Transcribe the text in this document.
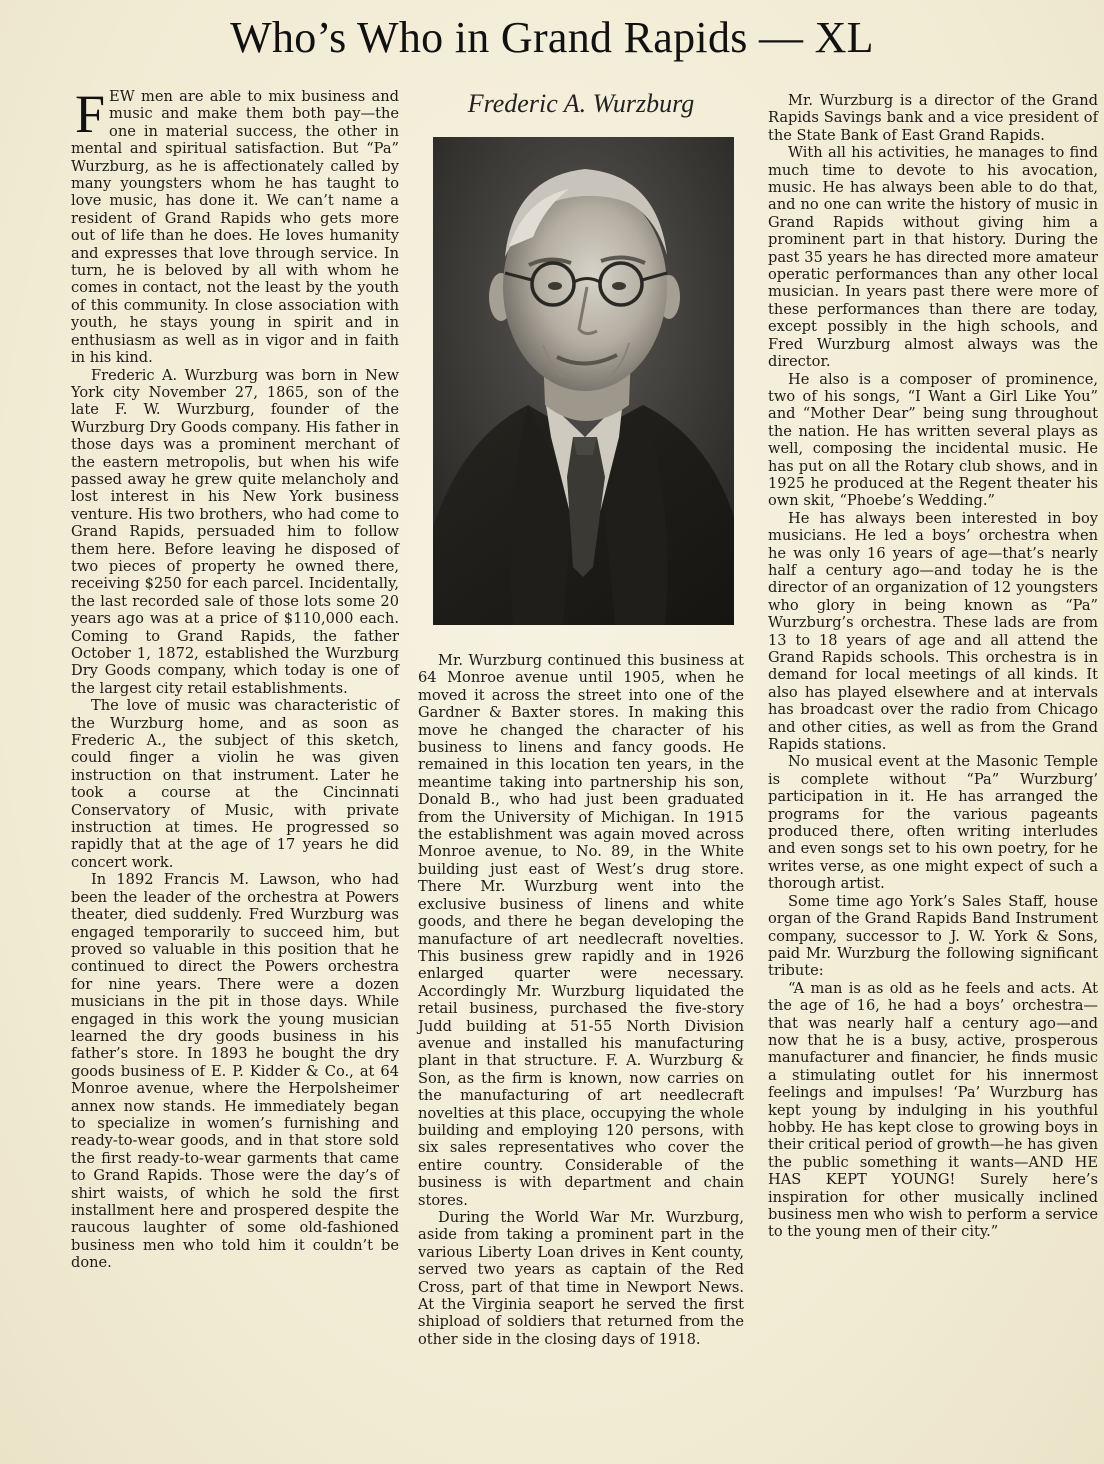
Who’s Who in Grand Rapids — XL
Frederic A. Wurzburg

FEW men are able to mix business and music and make them both pay—the one in material success, the other in mental and spiritual satisfaction. But “Pa” Wurzburg, as he is affectionately called by many youngsters whom he has taught to love music, has done it. We can’t name a resident of Grand Rapids who gets more out of life than he does. He loves humanity and expresses that love through service. In turn, he is beloved by all with whom he comes in contact, not the least by the youth of this community. In close association with youth, he stays young in spirit and in enthusiasm as well as in vigor and in faith in his kind.

Frederic A. Wurzburg was born in New York city November 27, 1865, son of the late F. W. Wurzburg, founder of the Wurzburg Dry Goods company. His father in those days was a prominent merchant of the eastern metropolis, but when his wife passed away he grew quite melancholy and lost interest in his New York business venture. His two brothers, who had come to Grand Rapids, persuaded him to follow them here. Before leaving he disposed of two pieces of property he owned there, receiving $250 for each parcel. Incidentally, the last recorded sale of those lots some 20 years ago was at a price of $110,000 each. Coming to Grand Rapids, the father October 1, 1872, established the Wurzburg Dry Goods company, which today is one of the largest city retail establishments.

The love of music was characteristic of the Wurzburg home, and as soon as Frederic A., the subject of this sketch, could finger a violin he was given instruction on that instrument. Later he took a course at the Cincinnati Conservatory of Music, with private instruction at times. He progressed so rapidly that at the age of 17 years he did concert work.

In 1892 Francis M. Lawson, who had been the leader of the orchestra at Powers theater, died suddenly. Fred Wurzburg was engaged temporarily to succeed him, but proved so valuable in this position that he continued to direct the Powers orchestra for nine years. There were a dozen musicians in the pit in those days. While engaged in this work the young musician learned the dry goods business in his father’s store. In 1893 he bought the dry goods business of E. P. Kidder & Co., at 64 Monroe avenue, where the Herpolsheimer annex now stands. He immediately began to specialize in women’s furnishing and ready-to-wear goods, and in that store sold the first ready-to-wear garments that came to Grand Rapids. Those were the day’s of shirt waists, of which he sold the first installment here and prospered despite the raucous laughter of some old-fashioned business men who told him it couldn’t be done.

Mr. Wurzburg continued this business at 64 Monroe avenue until 1905, when he moved it across the street into one of the Gardner & Baxter stores. In making this move he changed the character of his business to linens and fancy goods. He remained in this location ten years, in the meantime taking into partnership his son, Donald B., who had just been graduated from the University of Michigan. In 1915 the establishment was again moved across Monroe avenue, to No. 89, in the White building just east of West’s drug store. There Mr. Wurzburg went into the exclusive business of linens and white goods, and there he began developing the manufacture of art needlecraft novelties. This business grew rapidly and in 1926 enlarged quarter were necessary. Accordingly Mr. Wurzburg liquidated the retail business, purchased the five-story Judd building at 51-55 North Division avenue and installed his manufacturing plant in that structure. F. A. Wurzburg & Son, as the firm is known, now carries on the manufacturing of art needlecraft novelties at this place, occupying the whole building and employing 120 persons, with six sales representatives who cover the entire country. Considerable of the business is with department and chain stores.

During the World War Mr. Wurzburg, aside from taking a prominent part in the various Liberty Loan drives in Kent county, served two years as captain of the Red Cross, part of that time in Newport News. At the Virginia seaport he served the first shipload of soldiers that returned from the other side in the closing days of 1918.

Mr. Wurzburg is a director of the Grand Rapids Savings bank and a vice president of the State Bank of East Grand Rapids.

With all his activities, he manages to find much time to devote to his avocation, music. He has always been able to do that, and no one can write the history of music in Grand Rapids without giving him a prominent part in that history. During the past 35 years he has directed more amateur operatic performances than any other local musician. In years past there were more of these performances than there are today, except possibly in the high schools, and Fred Wurzburg almost always was the director.

He also is a composer of prominence, two of his songs, “I Want a Girl Like You” and “Mother Dear” being sung throughout the nation. He has written several plays as well, composing the incidental music. He has put on all the Rotary club shows, and in 1925 he produced at the Regent theater his own skit, “Phoebe’s Wedding.”

He has always been interested in boy musicians. He led a boys’ orchestra when he was only 16 years of age—that’s nearly half a century ago—and today he is the director of an organization of 12 youngsters who glory in being known as “Pa” Wurzburg’s orchestra. These lads are from 13 to 18 years of age and all attend the Grand Rapids schools. This orchestra is in demand for local meetings of all kinds. It also has played elsewhere and at intervals has broadcast over the radio from Chicago and other cities, as well as from the Grand Rapids stations.

No musical event at the Masonic Temple is complete without “Pa” Wurzburg’ participation in it. He has arranged the programs for the various pageants produced there, often writing interludes and even songs set to his own poetry, for he writes verse, as one might expect of such a thorough artist.

Some time ago York’s Sales Staff, house organ of the Grand Rapids Band Instrument company, successor to J. W. York & Sons, paid Mr. Wurzburg the following significant tribute:

“A man is as old as he feels and acts. At the age of 16, he had a boys’ orchestra—that was nearly half a century ago—and now that he is a busy, active, prosperous manufacturer and financier, he finds music a stimulating outlet for his innermost feelings and impulses! ‘Pa’ Wurzburg has kept young by indulging in his youthful hobby. He has kept close to growing boys in their critical period of growth—he has given the public something it wants—AND HE HAS KEPT YOUNG! Surely here’s inspiration for other musically inclined business men who wish to perform a service to the young men of their city.”
